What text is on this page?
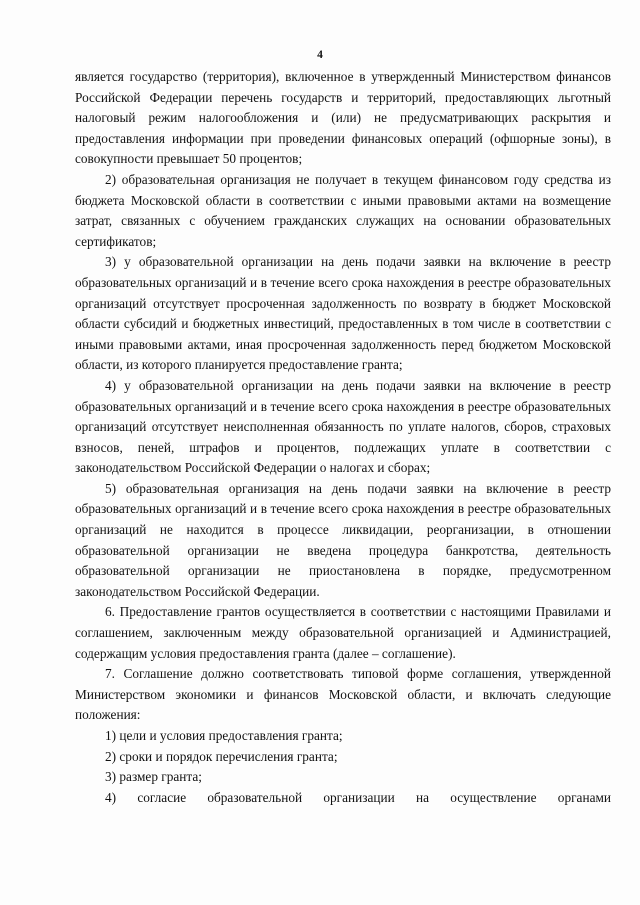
4

является государство (территория), включенное в утвержденный Министерством финансов Российской Федерации перечень государств и территорий, предоставляющих льготный налоговый режим налогообложения и (или) не предусматривающих раскрытия и предоставления информации при проведении финансовых операций (офшорные зоны), в совокупности превышает 50 процентов;

2) образовательная организация не получает в текущем финансовом году средства из бюджета Московской области в соответствии с иными правовыми актами на возмещение затрат, связанных с обучением гражданских служащих на основании образовательных сертификатов;

3) у образовательной организации на день подачи заявки на включение в реестр образовательных организаций и в течение всего срока нахождения в реестре образовательных организаций отсутствует просроченная задолженность по возврату в бюджет Московской области субсидий и бюджетных инвестиций, предоставленных в том числе в соответствии с иными правовыми актами, иная просроченная задолженность перед бюджетом Московской области, из которого планируется предоставление гранта;

4) у образовательной организации на день подачи заявки на включение в реестр образовательных организаций и в течение всего срока нахождения в реестре образовательных организаций отсутствует неисполненная обязанность по уплате налогов, сборов, страховых взносов, пеней, штрафов и процентов, подлежащих уплате в соответствии с законодательством Российской Федерации о налогах и сборах;

5) образовательная организация на день подачи заявки на включение в реестр образовательных организаций и в течение всего срока нахождения в реестре образовательных организаций не находится в процессе ликвидации, реорганизации, в отношении образовательной организации не введена процедура банкротства, деятельность образовательной организации не приостановлена в порядке, предусмотренном законодательством Российской Федерации.

6. Предоставление грантов осуществляется в соответствии с настоящими Правилами и соглашением, заключенным между образовательной организацией и Администрацией, содержащим условия предоставления гранта (далее – соглашение).

7. Соглашение должно соответствовать типовой форме соглашения, утвержденной Министерством экономики и финансов Московской области, и включать следующие положения:

1) цели и условия предоставления гранта;

2) сроки и порядок перечисления гранта;

3) размер гранта;

4) согласие образовательной организации на осуществление органами
